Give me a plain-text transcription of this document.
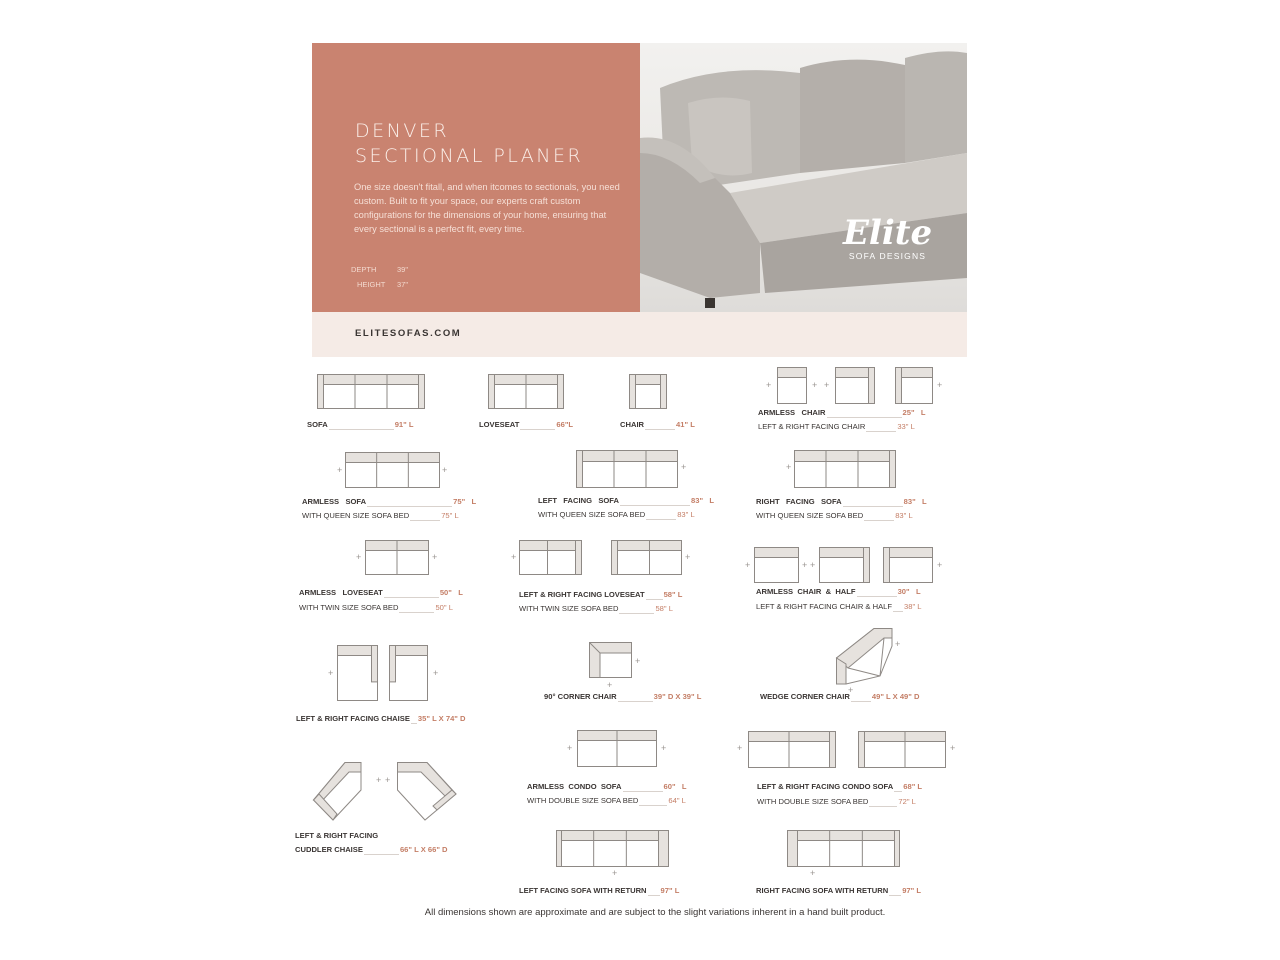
DENVER
SECTIONAL PLANER
One size doesn't fitall, and when itcomes to sectionals, you need custom. Built to fit your space, our experts craft custom configurations for the dimensions of your home, ensuring that every sectional is a perfect fit, every time.
DEPTH	39"
HEIGHT 37"
Elite
SOFA DESIGNS
ELITESOFAS.COM
SOFA	91" L	LOVESEAT	66"L	CHAIR	41" L
+	+ +	+
ARMLESS   CHAIR	25"   L
LEFT & RIGHT FACING CHAIR	33" L
+	+
ARMLESS   SOFA	75"   L
WITH QUEEN SIZE SOFA BED	75" L
+
LEFT   FACING   SOFA	83"   L
WITH QUEEN SIZE SOFA BED	83" L
+
RIGHT   FACING   SOFA	83"   L
WITH QUEEN SIZE SOFA BED	83" L
+	+
ARMLESS   LOVESEAT	50"   L
WITH TWIN SIZE SOFA BED	50" L
+	+
LEFT & RIGHT FACING LOVESEAT	58" L
WITH TWIN SIZE SOFA BED	58" L
+	+ +	+
ARMLESS  CHAIR  &  HALF	30"   L
LEFT & RIGHT FACING CHAIR & HALF 38" L
+	+
LEFT & RIGHT FACING CHAISE 35" L X 74" D
+
+
90° CORNER CHAIR	39" D X 39" L
+
+
WEDGE CORNER CHAIR	49" L X 49" D
+ +
LEFT & RIGHT FACING
CUDDLER CHAISE	66" L X 66" D
+	+
ARMLESS  CONDO  SOFA	60"   L
WITH DOUBLE SIZE SOFA BED	64" L
+	+
LEFT & RIGHT FACING CONDO SOFA 68" L
WITH DOUBLE SIZE SOFA BED	72" L
+
LEFT FACING SOFA WITH RETURN 97" L
+
RIGHT FACING SOFA WITH RETURN 97" L
All dimensions shown are approximate and are subject to the slight variations inherent in a hand built product.
